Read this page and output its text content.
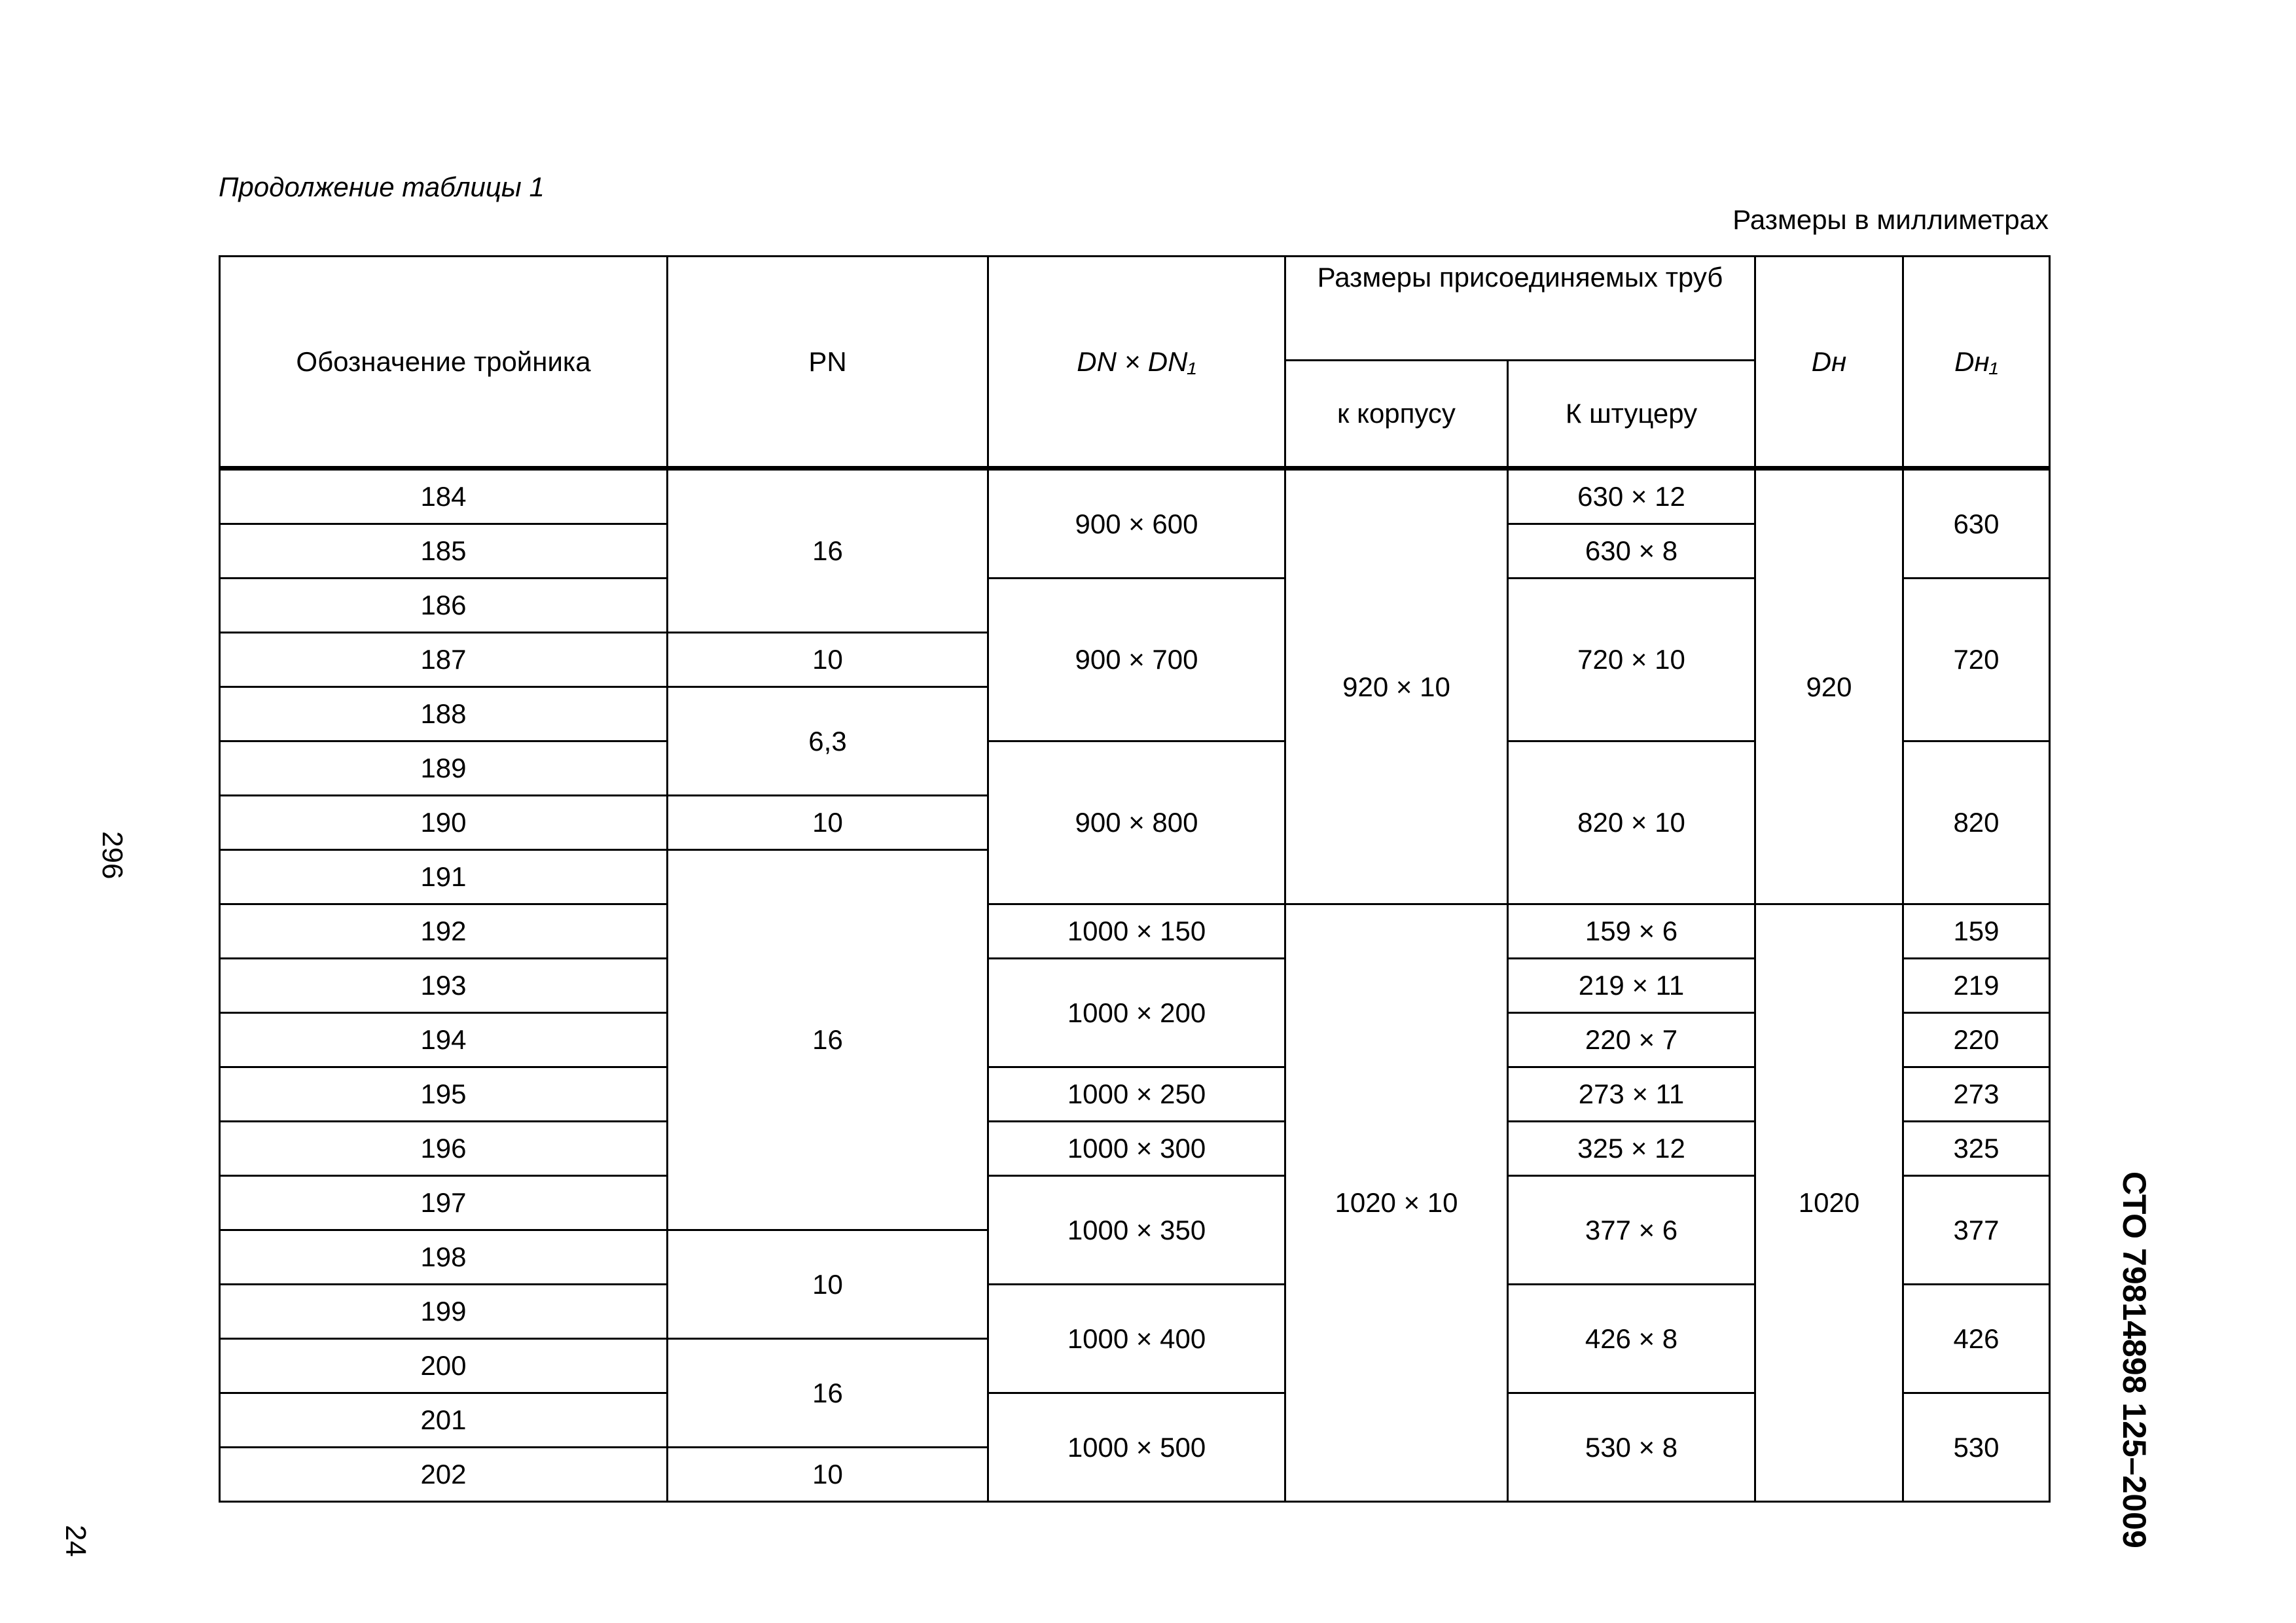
Продолжение таблицы 1
Размеры в миллиметрах
Обозначение тройника	PN	DN × DN₁	Размеры присоединяемых труб		Dн	Dн₁
			к корпусу	К штуцеру		
184	16	900 × 600	920 × 10	630 × 12	920	630
185				630 × 8		
186		900 × 700		720 × 10		720
187	10					
188	6,3					
189		900 × 800		820 × 10		820
190	10					
191	16					
192		1000 × 150	1020 × 10	159 × 6	1020	159
193		1000 × 200		219 × 11		219
194				220 × 7		220
195		1000 × 250		273 × 11		273
196		1000 × 300		325 × 12		325
197		1000 × 350		377 × 6		377
198	10					
199		1000 × 400		426 × 8		426
200	16					
201		1000 × 500		530 × 8		530
202	10					
296
24	СТО 79814898 125–2009
